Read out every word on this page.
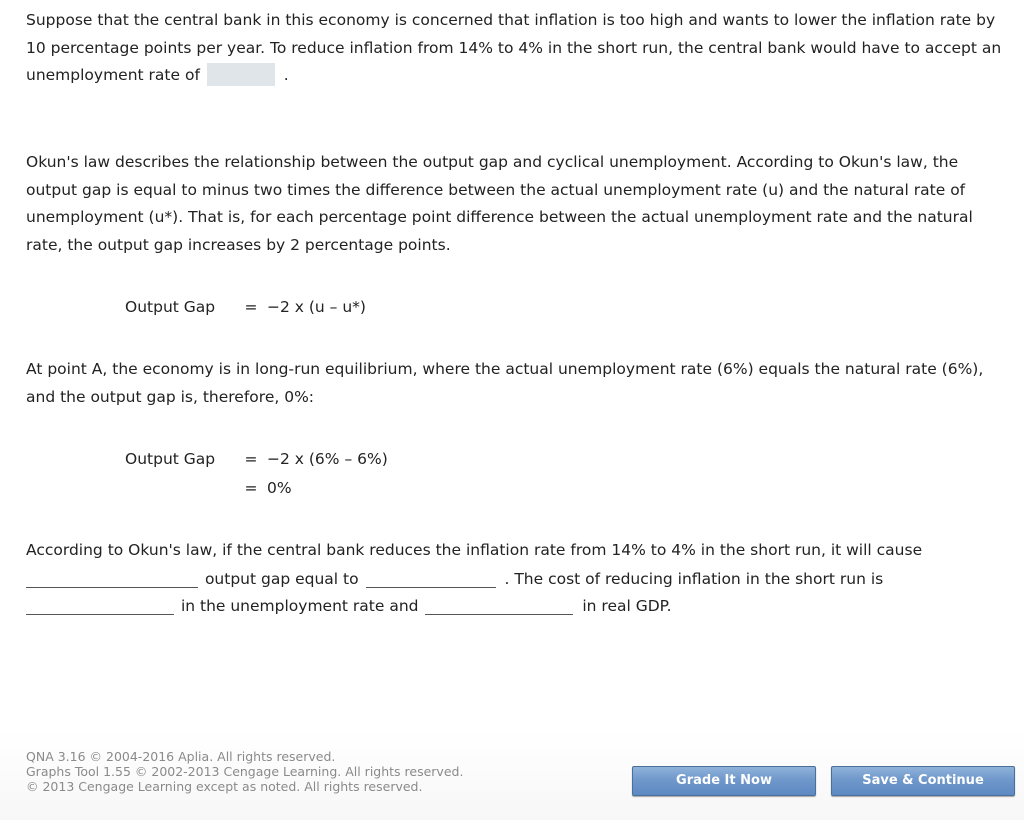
Suppose that the central bank in this economy is concerned that inflation is too high and wants to lower the inflation rate by 10 percentage points per year. To reduce inflation from 14% to 4% in the short run, the central bank would have to accept an unemployment rate of	.
Okun's law describes the relationship between the output gap and cyclical unemployment. According to Okun's law, the output gap is equal to minus two times the difference between the actual unemployment rate (u) and the natural rate of unemployment (u*). That is, for each percentage point difference between the actual unemployment rate and the natural rate, the output gap increases by 2 percentage points.
Output Gap = −2 x (u – u*)
At point A, the economy is in long-run equilibrium, where the actual unemployment rate (6%) equals the natural rate (6%), and the output gap is, therefore, 0%:
Output Gap = −2 x (6% – 6%)
= 0%
According to Okun's law, if the central bank reduces the inflation rate from 14% to 4% in the short run, it will cause
output gap equal to	. The cost of reducing inflation in the short run is
in the unemployment rate and	in real GDP.
QNA 3.16 © 2004-2016 Aplia. All rights reserved.
Graphs Tool 1.55 © 2002-2013 Cengage Learning. All rights reserved.
© 2013 Cengage Learning except as noted. All rights reserved.	Grade It Now	Save & Continue
